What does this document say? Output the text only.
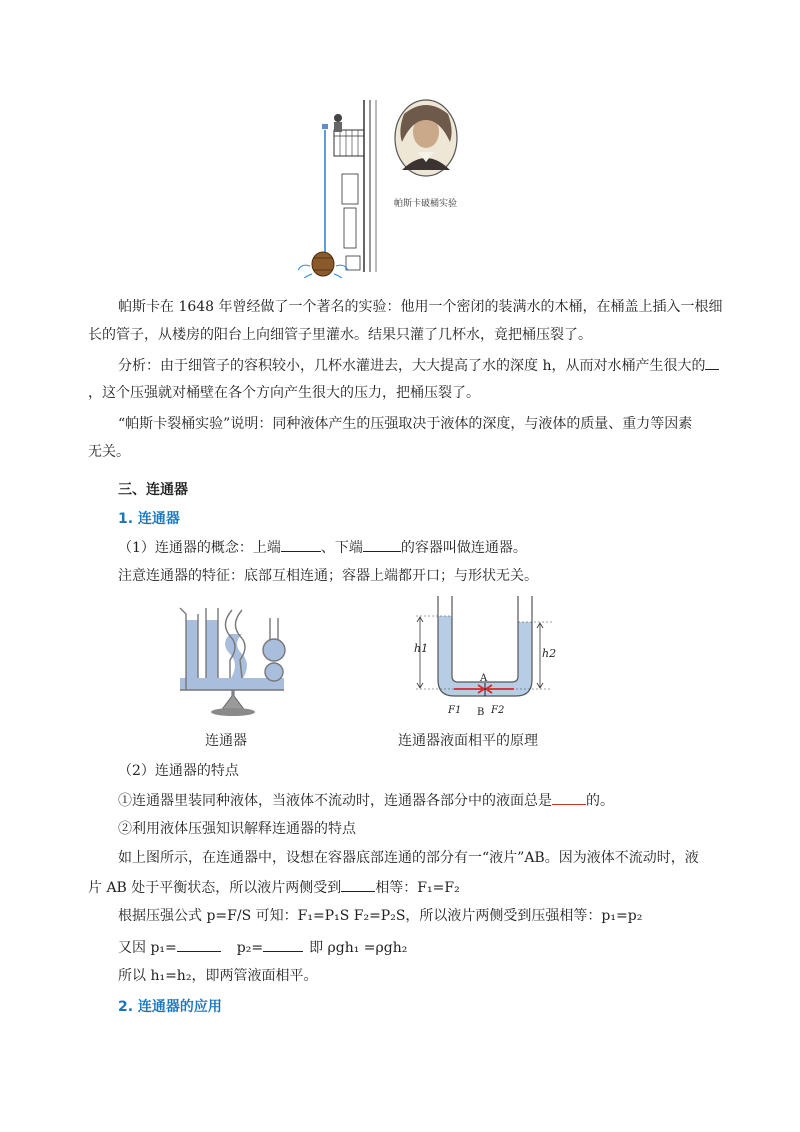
帕斯卡破桶实验
帕斯卡在 1648 年曾经做了一个著名的实验：他用一个密闭的装满水的木桶，在桶盖上插入一根细
长的管子，从楼房的阳台上向细管子里灌水。结果只灌了几杯水，竟把桶压裂了。
分析：由于细管子的容积较小，几杯水灌进去，大大提高了水的深度 h，从而对水桶产生很大的
，这个压强就对桶壁在各个方向产生很大的压力，把桶压裂了。
“帕斯卡裂桶实验”说明：同种液体产生的压强取决于液体的深度，与液体的质量、重力等因素
无关。
三、连通器
1. 连通器
（1）连通器的概念：上端	、下端	的容器叫做连通器。
注意连通器的特征：底部互相连通；容器上端都开口；与形状无关。
连通器
h1	h2
A
F1 B F2
连通器液面相平的原理
（2）连通器的特点
①连通器里装同种液体，当液体不流动时，连通器各部分中的液面总是 的。
②利用液体压强知识解释连通器的特点
如上图所示，在连通器中，设想在容器底部连通的部分有一“液片”AB。因为液体不流动时，液
片 AB 处于平衡状态，所以液片两侧受到 相等：F₁=F₂
根据压强公式 p=F/S 可知：F₁=P₁S F₂=P₂S，所以液片两侧受到压强相等：p₁=p₂
又因 p₁=	p₂=	即 ρgh₁ =ρgh₂
所以 h₁=h₂，即两管液面相平。
2. 连通器的应用
